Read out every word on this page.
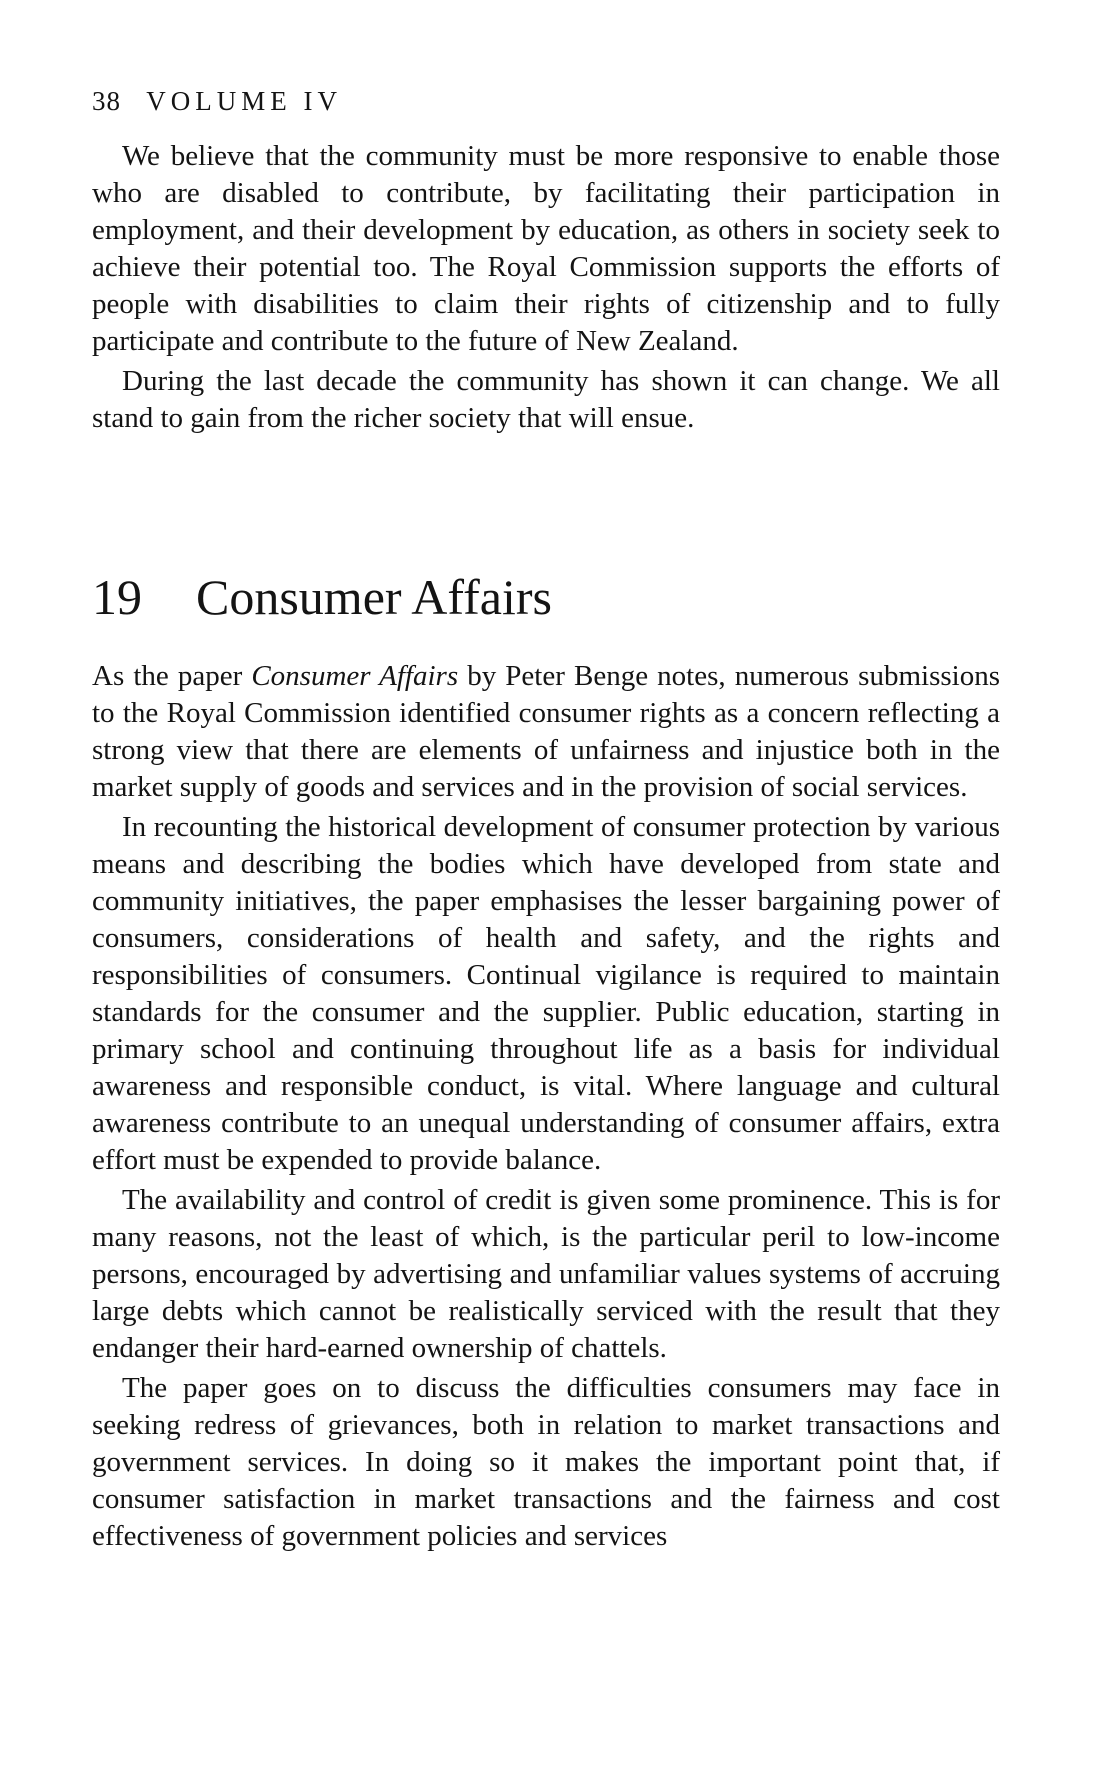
38 VOLUME IV

We believe that the community must be more responsive to enable those who are disabled to contribute, by facilitating their participation in employment, and their development by education, as others in society seek to achieve their potential too. The Royal Commission supports the efforts of people with disabilities to claim their rights of citizenship and to fully participate and contribute to the future of New Zealand.

During the last decade the community has shown it can change. We all stand to gain from the richer society that will ensue.

19 Consumer Affairs

As the paper Consumer Affairs by Peter Benge notes, numerous submissions to the Royal Commission identified consumer rights as a concern reflecting a strong view that there are elements of unfairness and injustice both in the market supply of goods and services and in the provision of social services.

In recounting the historical development of consumer protection by various means and describing the bodies which have developed from state and community initiatives, the paper emphasises the lesser bargaining power of consumers, considerations of health and safety, and the rights and responsibilities of consumers. Continual vigilance is required to maintain standards for the consumer and the supplier. Public education, starting in primary school and continuing throughout life as a basis for individual awareness and responsible conduct, is vital. Where language and cultural awareness contribute to an unequal understanding of consumer affairs, extra effort must be expended to provide balance.

The availability and control of credit is given some prominence. This is for many reasons, not the least of which, is the particular peril to low-income persons, encouraged by advertising and unfamiliar values systems of accruing large debts which cannot be realistically serviced with the result that they endanger their hard-earned ownership of chattels.

The paper goes on to discuss the difficulties consumers may face in seeking redress of grievances, both in relation to market transactions and government services. In doing so it makes the important point that, if consumer satisfaction in market transactions and the fairness and cost effectiveness of government policies and services
